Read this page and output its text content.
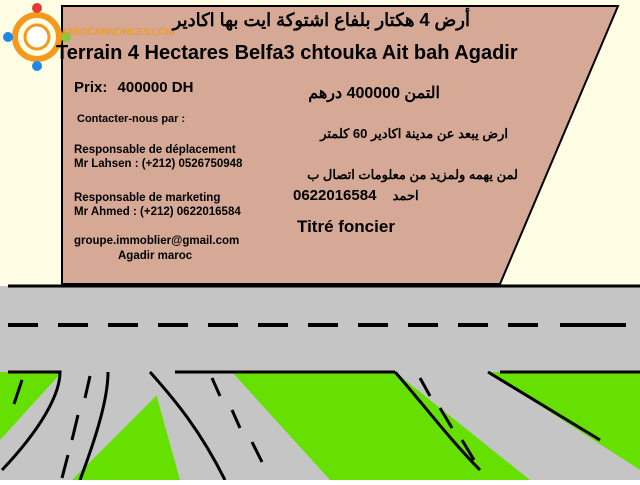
MAROCANNONCES.COM
أرض 4 هكتار بلفاع اشتوكة ايت بها اكادير
Terrain 4 Hectares Belfa3 chtouka Ait bah Agadir
Prix: 400000 DH	التمن 400000 درهم
Contacter-nous par :
Responsable de déplacement
Mr Lahsen : (+212) 0526750948
Responsable de marketing
Mr Ahmed : (+212) 0622016584
groupe.immoblier@gmail.com
Agadir maroc
ارض يبعد عن مدينة اكادير 60 كلمتر
لمن يهمه ولمزيد من معلومات اتصال ب
0622016584 احمد
Titré foncier
